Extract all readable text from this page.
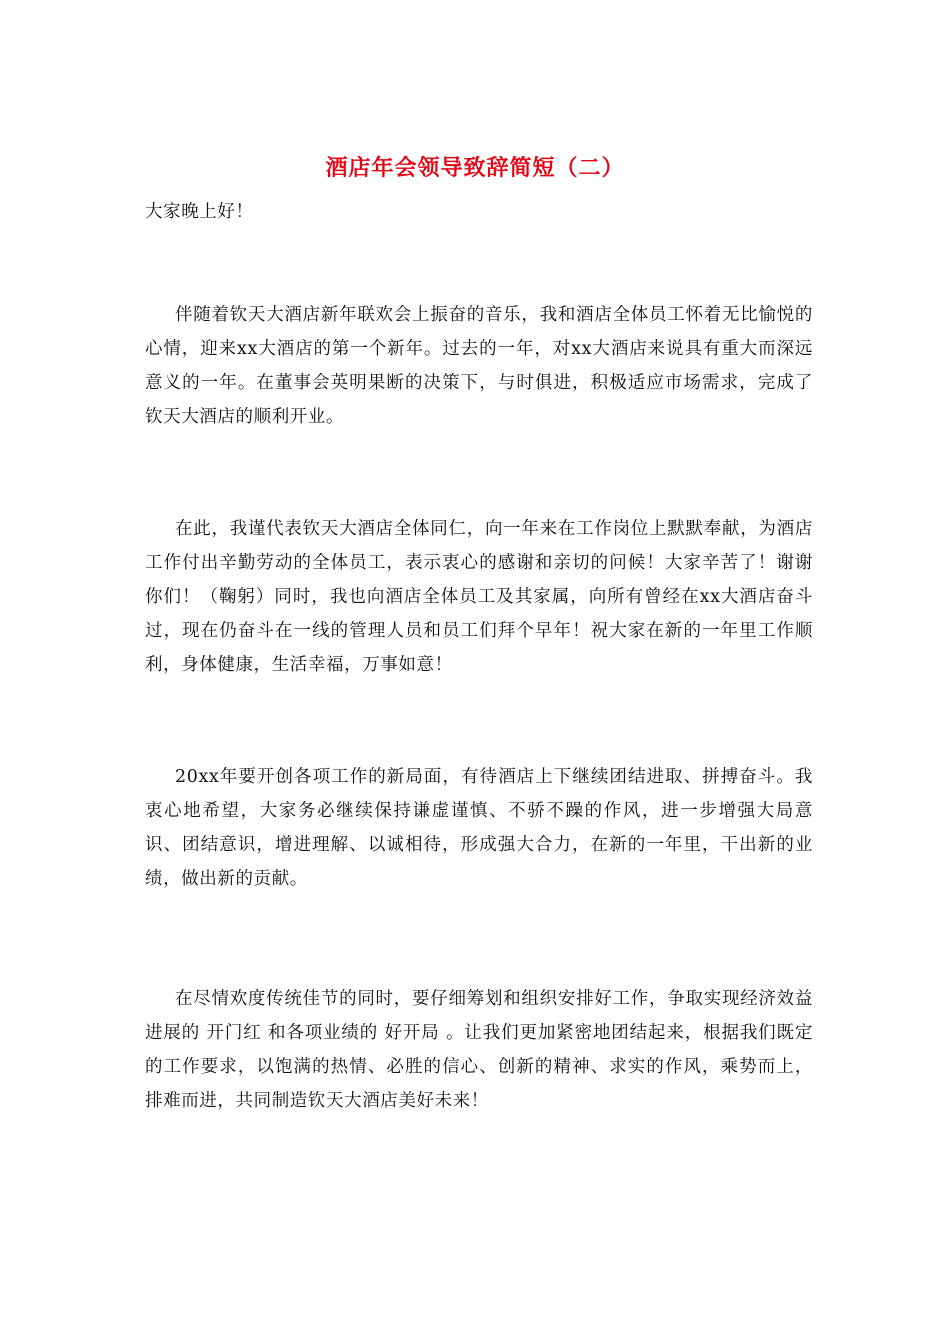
酒店年会领导致辞简短（二）
大家晚上好！

伴随着钦天大酒店新年联欢会上振奋的音乐，我和酒店全体员工怀着无比愉悦的心情，迎来xx大酒店的第一个新年。过去的一年，对xx大酒店来说具有重大而深远意义的一年。在董事会英明果断的决策下，与时俱进，积极适应市场需求，完成了钦天大酒店的顺利开业。

在此，我谨代表钦天大酒店全体同仁，向一年来在工作岗位上默默奉献，为酒店工作付出辛勤劳动的全体员工，表示衷心的感谢和亲切的问候！大家辛苦了！谢谢你们！（鞠躬）同时，我也向酒店全体员工及其家属，向所有曾经在xx大酒店奋斗过，现在仍奋斗在一线的管理人员和员工们拜个早年！祝大家在新的一年里工作顺利，身体健康，生活幸福，万事如意！

20xx年要开创各项工作的新局面，有待酒店上下继续团结进取、拼搏奋斗。我衷心地希望，大家务必继续保持谦虚谨慎、不骄不躁的作风，进一步增强大局意识、团结意识，增进理解、以诚相待，形成强大合力，在新的一年里，干出新的业绩，做出新的贡献。

在尽情欢度传统佳节的同时，要仔细筹划和组织安排好工作，争取实现经济效益进展的 开门红 和各项业绩的 好开局 。让我们更加紧密地团结起来，根据我们既定的工作要求，以饱满的热情、必胜的信心、创新的精神、求实的作风，乘势而上，排难而进，共同制造钦天大酒店美好未来！
